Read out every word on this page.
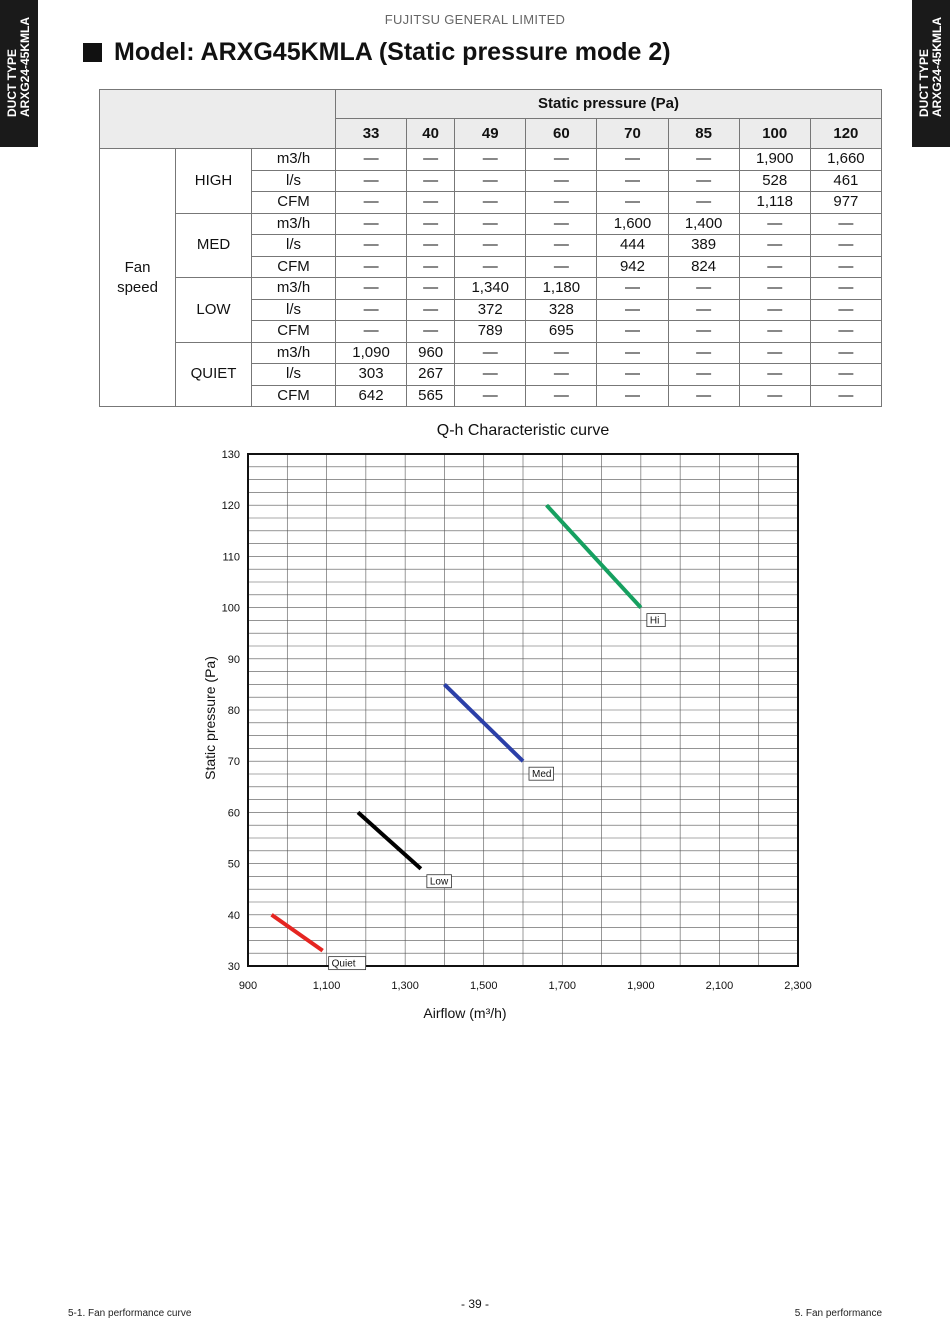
DUCT TYPE ARXG24-45KMLA	DUCT TYPE ARXG24-45KMLA
FUJITSU GENERAL LIMITED
Model: ARXG45KMLA (Static pressure mode 2)
			Static pressure (Pa)							
			33	40	49	60	70	85	100	120

Fan
speed	HIGH	m3/h	—	—	—	—	—	—	1,900	1,660
		l/s	—	—	—	—	—	—	528	461
		CFM	—	—	—	—	—	—	1,118	977
	MED	m3/h	—	—	—	—	1,600	1,400	—	—
		l/s	—	—	—	—	444	389	—	—
		CFM	—	—	—	—	942	824	—	—
	LOW	m3/h	—	—	1,340	1,180	—	—	—	—
		l/s	—	—	372	328	—	—	—	—
		CFM	—	—	789	695	—	—	—	—
	QUIET	m3/h	1,090	960	—	—	—	—	—	—
		l/s	303	267	—	—	—	—	—	—
		CFM	642	565	—	—	—	—	—	—
Q-h Characteristic curve
30
40
50
60
70
80
90
100
110
120
130
900	1,100	1,300	1,500	1,700	1,900	2,100	2,300
Airflow (m³/h)
Static pressure (Pa)
Quiet
Low
Med
Hi
- 39 -
5-1. Fan performance curve	5. Fan performance
